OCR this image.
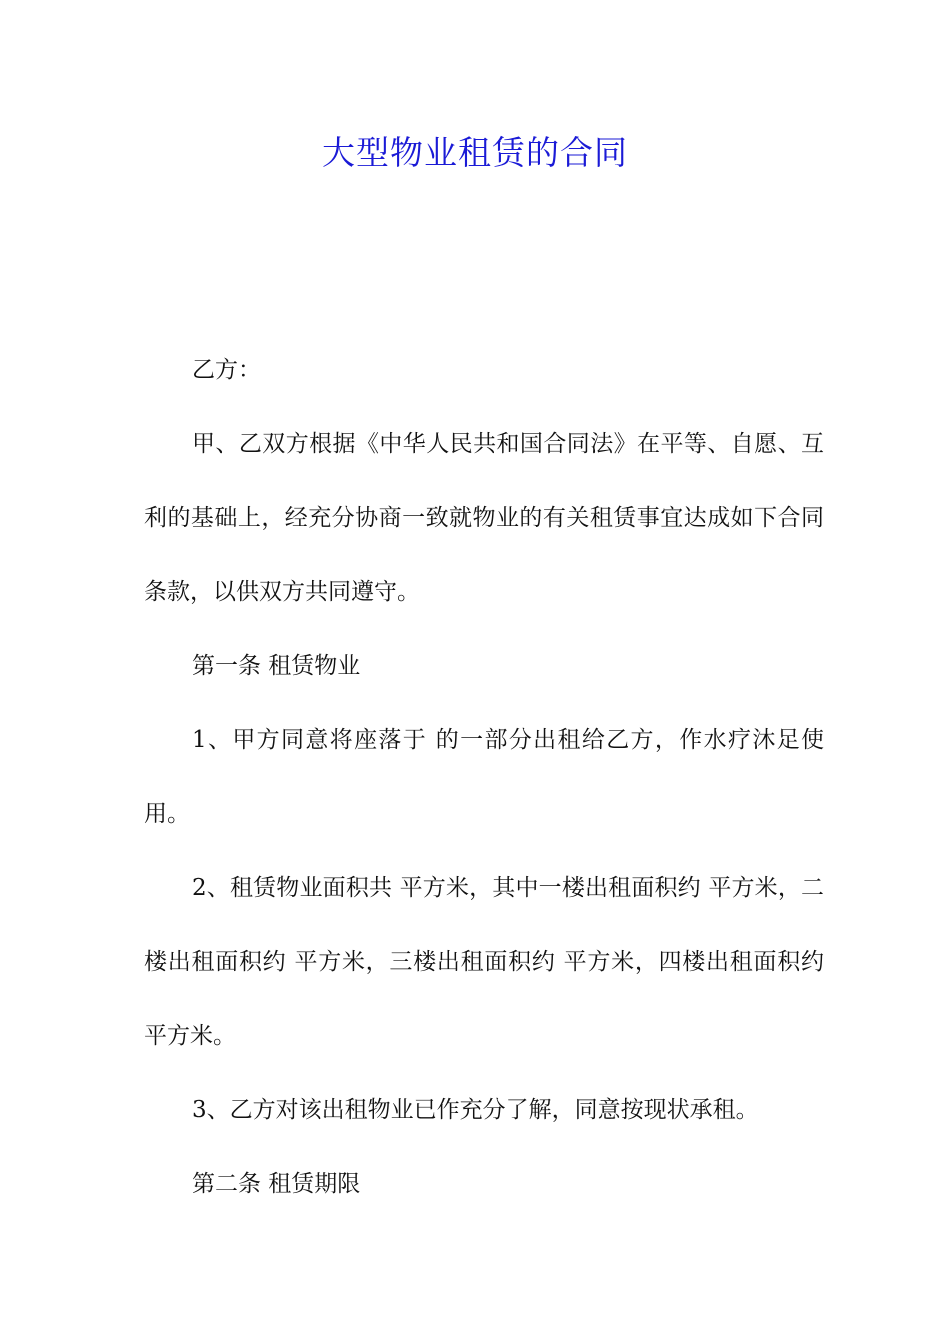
大型物业租赁的合同

乙方：

甲、乙双方根据《中华人民共和国合同法》在平等、自愿、互利的基础上，经充分协商一致就物业的有关租赁事宜达成如下合同条款，以供双方共同遵守。

第一条 租赁物业

1、甲方同意将座落于 的一部分出租给乙方，作水疗沐足使用。

2、租赁物业面积共 平方米，其中一楼出租面积约 平方米，二楼出租面积约 平方米，三楼出租面积约 平方米，四楼出租面积约 平方米。

3、乙方对该出租物业已作充分了解，同意按现状承租。

第二条 租赁期限
